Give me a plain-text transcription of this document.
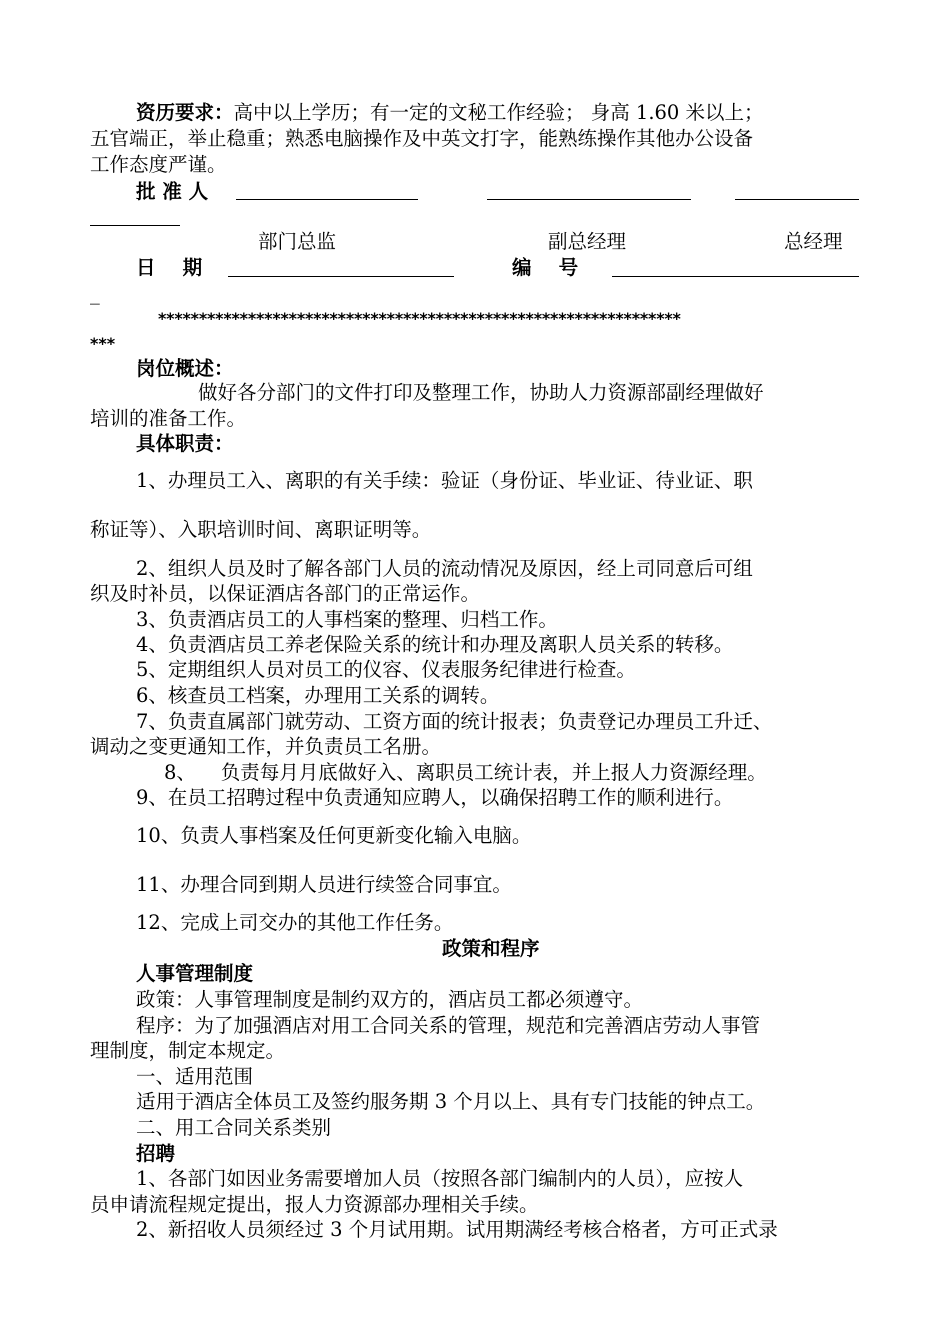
资历要求：高中以上学历；有一定的文秘工作经验； 身高 1.60 米以上；
五官端正，举止稳重；熟悉电脑操作及中英文打字，能熟练操作其他办公设备
工作态度严谨。
批 准 人
部门总监	副总经理	总经理
日    期	编    号
_
****************************************************************
***
岗位概述：
做好各分部门的文件打印及整理工作，协助人力资源部副经理做好
培训的准备工作。
具体职责：
1、办理员工入、离职的有关手续：验证（身份证、毕业证、待业证、职
称证等）、入职培训时间、离职证明等。
2、组织人员及时了解各部门人员的流动情况及原因，经上司同意后可组
织及时补员，以保证酒店各部门的正常运作。
3、负责酒店员工的人事档案的整理、归档工作。
4、负责酒店员工养老保险关系的统计和办理及离职人员关系的转移。
5、定期组织人员对员工的仪容、仪表服务纪律进行检查。
6、核查员工档案，办理用工关系的调转。
7、负责直属部门就劳动、工资方面的统计报表；负责登记办理员工升迁、
调动之变更通知工作，并负责员工名册。
8、    负责每月月底做好入、离职员工统计表，并上报人力资源经理。
9、在员工招聘过程中负责通知应聘人，以确保招聘工作的顺利进行。
10、负责人事档案及任何更新变化输入电脑。
11、办理合同到期人员进行续签合同事宜。
12、完成上司交办的其他工作任务。
政策和程序
人事管理制度
政策：人事管理制度是制约双方的，酒店员工都必须遵守。
程序：为了加强酒店对用工合同关系的管理，规范和完善酒店劳动人事管
理制度，制定本规定。
一、适用范围
适用于酒店全体员工及签约服务期 3 个月以上、具有专门技能的钟点工。
二、用工合同关系类别
招聘
1、各部门如因业务需要增加人员（按照各部门编制内的人员），应按人
员申请流程规定提出，报人力资源部办理相关手续。
2、新招收人员须经过 3 个月试用期。试用期满经考核合格者，方可正式录
